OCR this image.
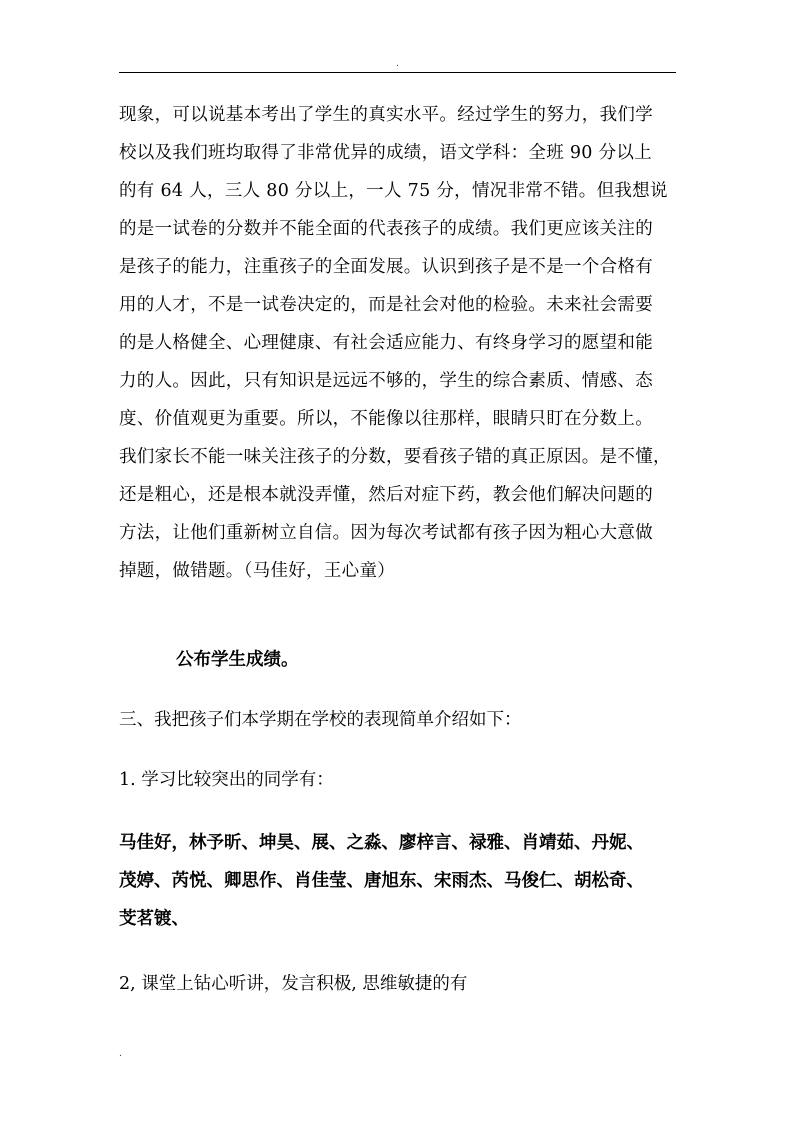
.
现象，可以说基本考出了学生的真实水平。经过学生的努力，我们学
校以及我们班均取得了非常优异的成绩，语文学科：全班 90 分以上
的有 64 人，三人 80 分以上，一人 75 分，情况非常不错。但我想说
的是一试卷的分数并不能全面的代表孩子的成绩。我们更应该关注的
是孩子的能力，注重孩子的全面发展。认识到孩子是不是一个合格有
用的人才，不是一试卷决定的，而是社会对他的检验。未来社会需要
的是人格健全、心理健康、有社会适应能力、有终身学习的愿望和能
力的人。因此，只有知识是远远不够的，学生的综合素质、情感、态
度、价值观更为重要。所以，不能像以往那样，眼睛只盯在分数上。
我们家长不能一味关注孩子的分数，要看孩子错的真正原因。是不懂，
还是粗心，还是根本就没弄懂，然后对症下药，教会他们解决问题的
方法，让他们重新树立自信。因为每次考试都有孩子因为粗心大意做
掉题，做错题。（马佳好，王心童）
公布学生成绩。
三、我把孩子们本学期在学校的表现简单介绍如下：
1. 学习比较突出的同学有：
马佳好，林予昕、坤昊、展、之淼、廖梓言、禄雅、肖靖茹、丹妮、
茂婷、芮悦、卿思作、肖佳莹、唐旭东、宋雨杰、马俊仁、胡松奇、
芠茗镀、
2, 课堂上钻心听讲，发言积极, 思维敏捷的有
.
